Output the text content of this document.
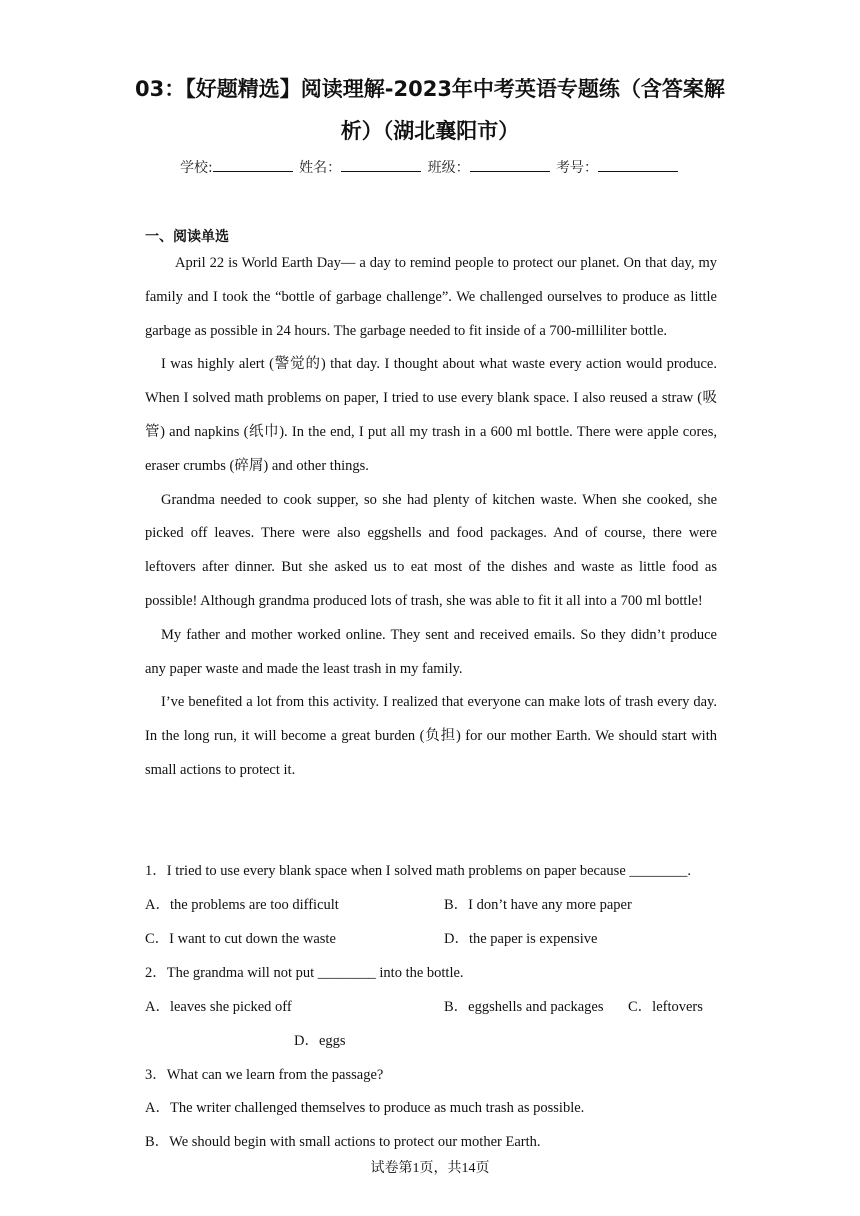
03：【好题精选】阅读理解-2023年中考英语专题练（含答案解析）（湖北襄阳市）
学校:	姓名：	班级：	考号：
一、阅读单选

April 22 is World Earth Day— a day to remind people to protect our planet. On that day, my family and I took the “bottle of garbage challenge”. We challenged ourselves to produce as little garbage as possible in 24 hours. The garbage needed to fit inside of a 700-milliliter bottle.

I was highly alert (警觉的) that day. I thought about what waste every action would produce. When I solved math problems on paper, I tried to use every blank space. I also reused a straw (吸管) and napkins (纸巾). In the end, I put all my trash in a 600 ml bottle. There were apple cores, eraser crumbs (碎屑) and other things.

Grandma needed to cook supper, so she had plenty of kitchen waste. When she cooked, she picked off leaves. There were also eggshells and food packages. And of course, there were leftovers after dinner. But she asked us to eat most of the dishes and waste as little food as possible! Although grandma produced lots of trash, she was able to fit it all into a 700 ml bottle!

My father and mother worked online. They sent and received emails. So they didn’t produce any paper waste and made the least trash in my family.

I’ve benefited a lot from this activity. I realized that everyone can make lots of trash every day. In the long run, it will become a great burden (负担) for our mother Earth. We should start with small actions to protect it.

1．I tried to use every blank space when I solved math problems on paper because ________.
A．the problems are too difficult	B．I don’t have any more paper
C．I want to cut down the waste	D．the paper is expensive
2．The grandma will not put ________ into the bottle.
A．leaves she picked off	B．eggshells and packages C．leftovers
D．eggs
3．What can we learn from the passage?
A．The writer challenged themselves to produce as much trash as possible.
B．We should begin with small actions to protect our mother Earth.
试卷第1页，共14页
